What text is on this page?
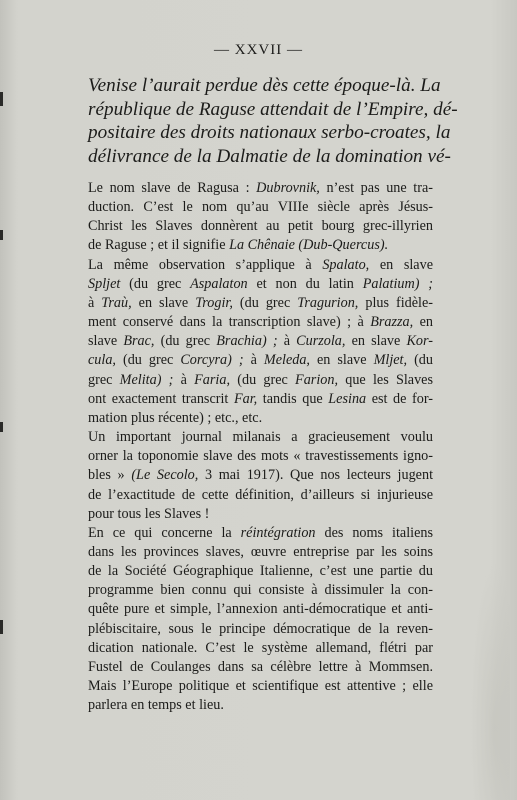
— XXVII —
Venise l’aurait perdue dès cette époque-là. La
république de Raguse attendait de l’Empire, dé-
positaire des droits nationaux serbo-croates, la
délivrance de la Dalmatie de la domination vé-
Le nom slave de Ragusa : Dubrovnik, n’est pas une tra-
duction. C’est le nom qu’au VIIIe siècle après Jésus-
Christ les Slaves donnèrent au petit bourg grec-illyrien
de Raguse ; et il signifie La Chênaie (Dub-Quercus).
La même observation s’applique à Spalato, en slave
Spljet (du grec Aspalaton et non du latin Palatium) ;
à Traù, en slave Trogir, (du grec Tragurion, plus fidèle-
ment conservé dans la transcription slave) ; à Brazza, en
slave Brac, (du grec Brachia) ; à Curzola, en slave Kor-
cula, (du grec Corcyra) ; à Meleda, en slave Mljet, (du
grec Melita) ; à Faria, (du grec Farion, que les Slaves
ont exactement transcrit Far, tandis que Lesina est de for-
mation plus récente) ; etc., etc.
Un important journal milanais a gracieusement voulu
orner la toponomie slave des mots « travestissements igno-
bles » (Le Secolo, 3 mai 1917). Que nos lecteurs jugent
de l’exactitude de cette définition, d’ailleurs si injurieuse
pour tous les Slaves !
En ce qui concerne la réintégration des noms italiens
dans les provinces slaves, œuvre entreprise par les soins
de la Société Géographique Italienne, c’est une partie du
programme bien connu qui consiste à dissimuler la con-
quête pure et simple, l’annexion anti-démocratique et anti-
plébiscitaire, sous le principe démocratique de la reven-
dication nationale. C’est le système allemand, flétri par
Fustel de Coulanges dans sa célèbre lettre à Mommsen.
Mais l’Europe politique et scientifique est attentive ; elle
parlera en temps et lieu.
